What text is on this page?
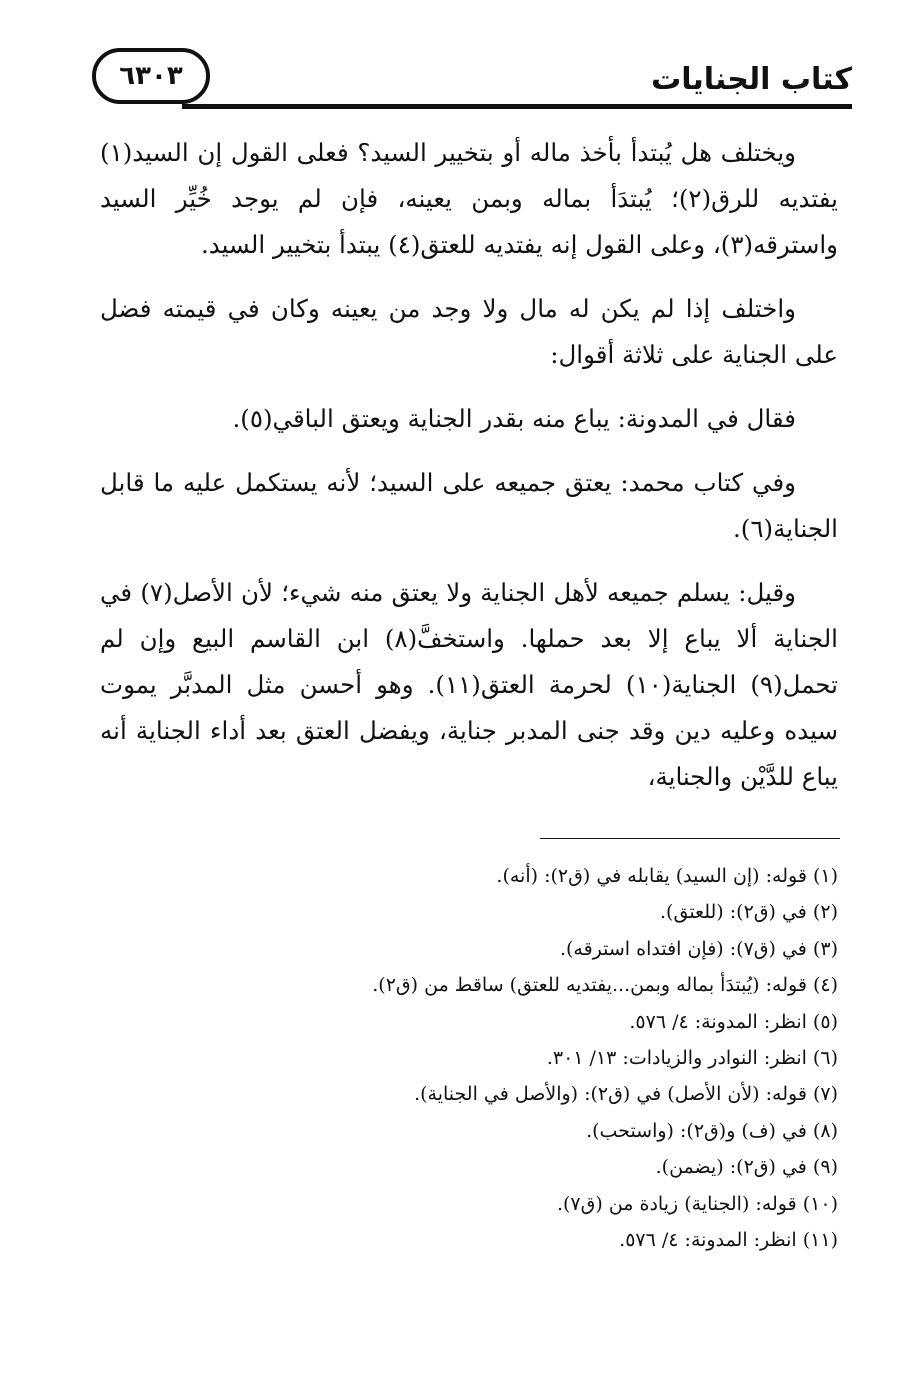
كتاب الجنايات
٦٣٠٣

ويختلف هل يُبتدأ بأخذ ماله أو بتخيير السيد؟ فعلى القول إن السيد(١) يفتديه للرق(٢)؛ يُبتدَأ بماله وبمن يعينه، فإن لم يوجد خُيِّر السيد واسترقه(٣)، وعلى القول إنه يفتديه للعتق(٤) يبتدأ بتخيير السيد.

واختلف إذا لم يكن له مال ولا وجد من يعينه وكان في قيمته فضل على الجناية على ثلاثة أقوال:

فقال في المدونة: يباع منه بقدر الجناية ويعتق الباقي(٥).

وفي كتاب محمد: يعتق جميعه على السيد؛ لأنه يستكمل عليه ما قابل الجناية(٦).

وقيل: يسلم جميعه لأهل الجناية ولا يعتق منه شيء؛ لأن الأصل(٧) في الجناية ألا يباع إلا بعد حملها. واستخفَّ(٨) ابن القاسم البيع وإن لم تحمل(٩) الجناية(١٠) لحرمة العتق(١١). وهو أحسن مثل المدبَّر يموت سيده وعليه دين وقد جنى المدبر جناية، ويفضل العتق بعد أداء الجناية أنه يباع للدَّيْن والجناية،

(١) قوله: (إن السيد) يقابله في (ق٢): (أنه).
(٢) في (ق٢): (للعتق).
(٣) في (ق٧): (فإن افتداه استرقه).
(٤) قوله: (يُبتدَأ بماله وبمن...يفتديه للعتق) ساقط من (ق٢).
(٥) انظر: المدونة: ٤/ ٥٧٦.
(٦) انظر: النوادر والزيادات: ١٣/ ٣٠١.
(٧) قوله: (لأن الأصل) في (ق٢): (والأصل في الجناية).
(٨) في (ف) و(ق٢): (واستحب).
(٩) في (ق٢): (يضمن).
(١٠) قوله: (الجناية) زيادة من (ق٧).
(١١) انظر: المدونة: ٤/ ٥٧٦.
